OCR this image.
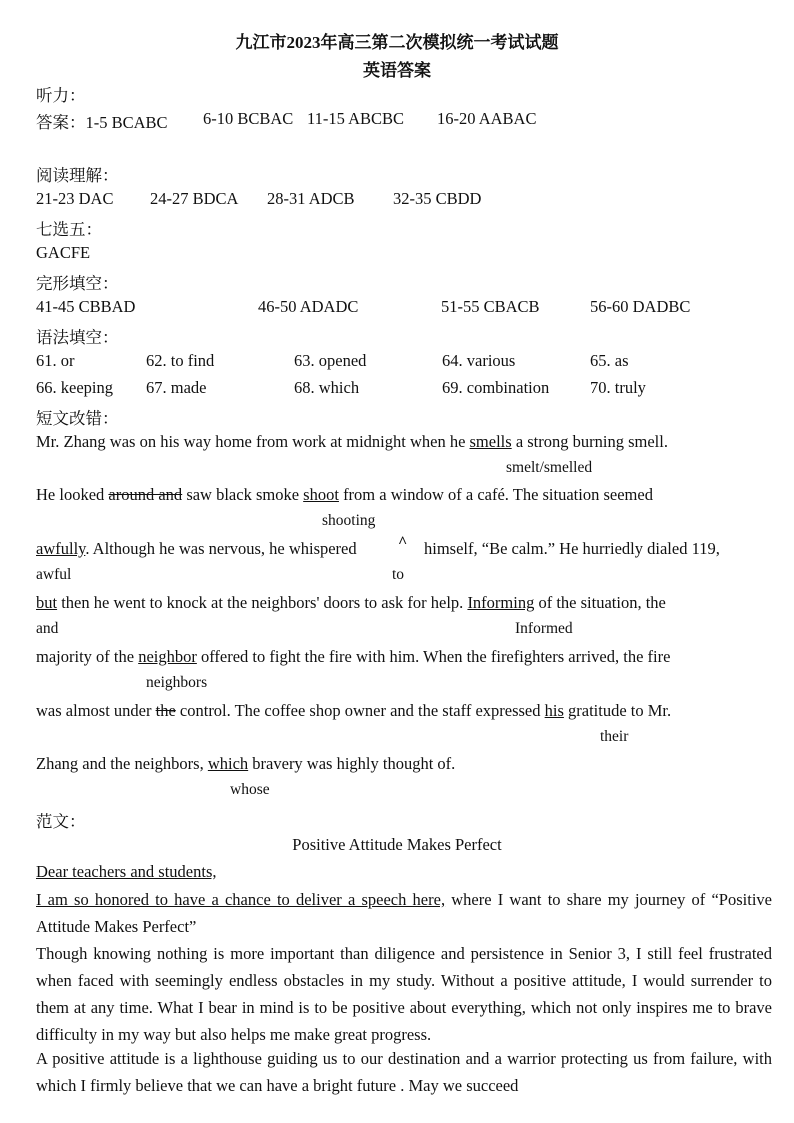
九江市2023年高三第二次模拟统一考试试题
英语答案
听力：
答案：1-5 BCABC 6-10 BCBAC 11-15 ABCBC 16-20 AABAC
阅读理解：
21-23 DAC 24-27 BDCA 28-31 ADCB 32-35 CBDD
七选五：
GACFE
完形填空：
41-45 CBBAD	46-50 ADADC	51-55 CBACB	56-60 DADBC
语法填空：
61. or	62. to find	63. opened	64. various	65. as
66. keeping 67. made	68. which	69. combination 70. truly
短文改错：
Mr. Zhang was on his way home from work at midnight when he smells a strong burning smell.
smelt/smelled
He looked around and saw black smoke shoot from a window of a café. The situation seemed
shooting
awfully. Although he was nervous, he whispered	^ himself, “Be calm.” He hurriedly dialed 119,
awful	to
but then he went to knock at the neighbors' doors to ask for help. Informing of the situation, the
and	Informed
majority of the neighbor offered to fight the fire with him. When the firefighters arrived, the fire
neighbors
was almost under the control. The coffee shop owner and the staff expressed his gratitude to Mr.
their
Zhang and the neighbors, which bravery was highly thought of.
whose
范文：
Positive Attitude Makes Perfect
Dear teachers and students,
I am so honored to have a chance to deliver a speech here, where I want to share my journey of “Positive Attitude Makes Perfect”
Though knowing nothing is more important than diligence and persistence in Senior 3, I still feel frustrated when faced with seemingly endless obstacles in my study. Without a positive attitude, I would surrender to them at any time. What I bear in mind is to be positive about everything, which not only inspires me to brave difficulty in my way but also helps me make great progress.
A positive attitude is a lighthouse guiding us to our destination and a warrior protecting us from failure, with which I firmly believe that we can have a bright future . May we succeed
